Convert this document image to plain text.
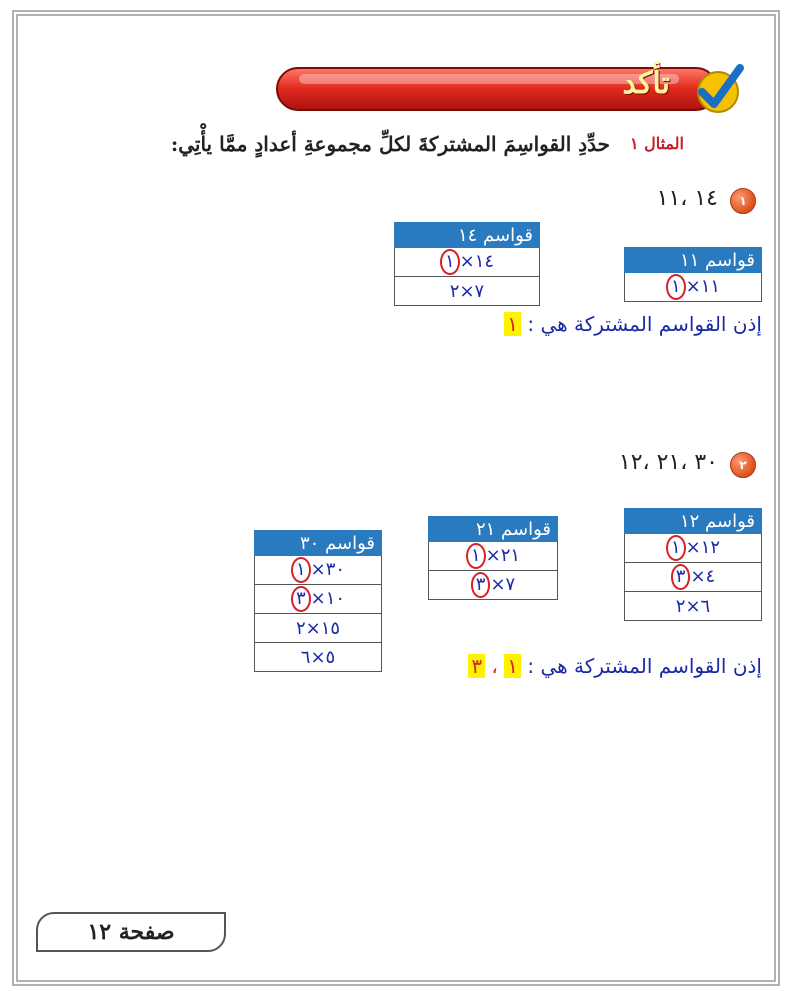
تأكد
المثال ١
حدِّدِ القواسِمَ المشتركةَ لكلِّ مجموعةِ أعدادٍ ممَّا يأْتِي:
١
١٤ ،١١
قواسم ١١
١١×١
قواسم ١٤
١٤×١
٧×٢
إذن القواسم المشتركة هي : ١
٢
٣٠ ،٢١ ،١٢
قواسم ١٢
١٢×١
٤×٣
٦×٢
قواسم ٢١
٢١×١
٧×٣
قواسم ٣٠
٣٠×١
١٠×٣
١٥×٢
٥×٦	إذن القواسم المشتركة هي : ١ ، ٣
صفحة ١٢
